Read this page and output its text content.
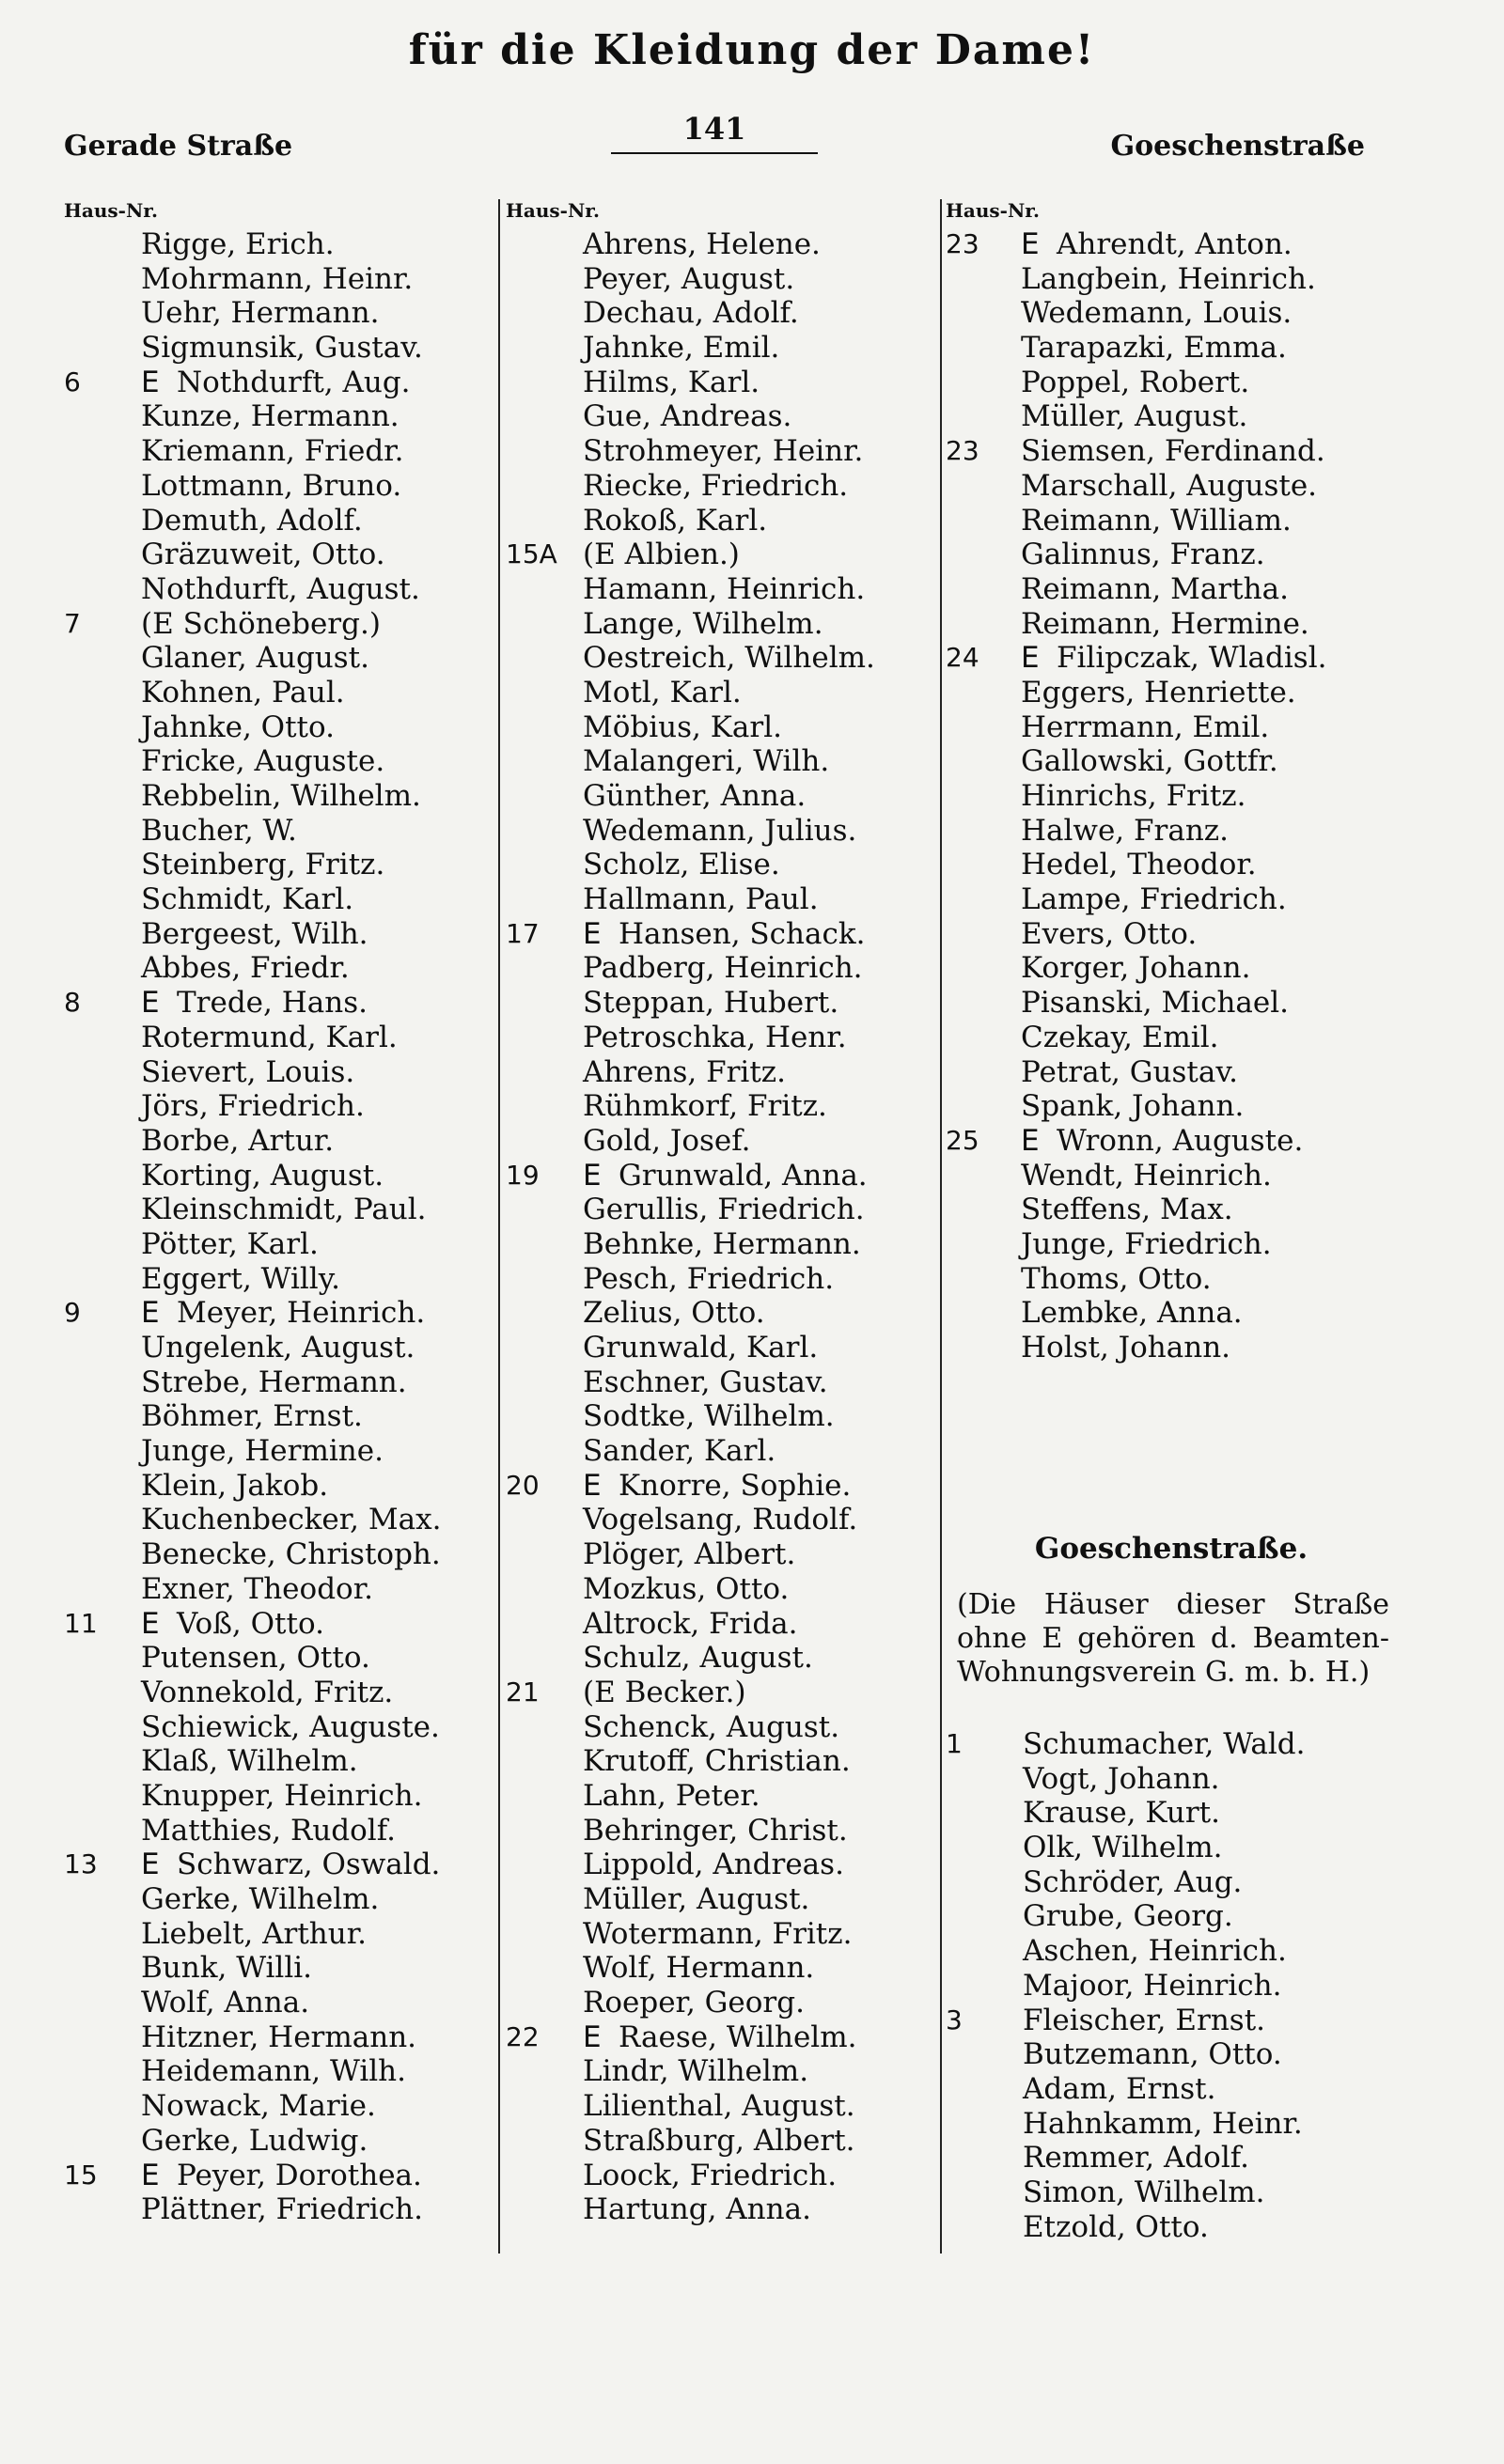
für die Kleidung der Dame!
Gerade Straße	141	Goeschenstraße
Haus-Nr.
Rigge, Erich.
Mohrmann, Heinr.
Uehr, Hermann.
Sigmunsik, Gustav.
6	E Nothdurft, Aug.
Kunze, Hermann.
Kriemann, Friedr.
Lottmann, Bruno.
Demuth, Adolf.
Gräzuweit, Otto.
Nothdurft, August.
7	(E Schöneberg.)
Glaner, August.
Kohnen, Paul.
Jahnke, Otto.
Fricke, Auguste.
Rebbelin, Wilhelm.
Bucher, W.
Steinberg, Fritz.
Schmidt, Karl.
Bergeest, Wilh.
Abbes, Friedr.
8	E Trede, Hans.
Rotermund, Karl.
Sievert, Louis.
Jörs, Friedrich.
Borbe, Artur.
Korting, August.
Kleinschmidt, Paul.
Pötter, Karl.
Eggert, Willy.
9	E Meyer, Heinrich.
Ungelenk, August.
Strebe, Hermann.
Böhmer, Ernst.
Junge, Hermine.
Klein, Jakob.
Kuchenbecker, Max.
Benecke, Christoph.
Exner, Theodor.
11	E Voß, Otto.
Putensen, Otto.
Vonnekold, Fritz.
Schiewick, Auguste.
Klaß, Wilhelm.
Knupper, Heinrich.
Matthies, Rudolf.
13	E Schwarz, Oswald.
Gerke, Wilhelm.
Liebelt, Arthur.
Bunk, Willi.
Wolf, Anna.
Hitzner, Hermann.
Heidemann, Wilh.
Nowack, Marie.
Gerke, Ludwig.
15	E Peyer, Dorothea.
Plättner, Friedrich.
Haus-Nr.
Ahrens, Helene.
Peyer, August.
Dechau, Adolf.
Jahnke, Emil.
Hilms, Karl.
Gue, Andreas.
Strohmeyer, Heinr.
Riecke, Friedrich.
Rokoß, Karl.
15A (E Albien.)
Hamann, Heinrich.
Lange, Wilhelm.
Oestreich, Wilhelm.
Motl, Karl.
Möbius, Karl.
Malangeri, Wilh.
Günther, Anna.
Wedemann, Julius.
Scholz, Elise.
Hallmann, Paul.
17	E Hansen, Schack.
Padberg, Heinrich.
Steppan, Hubert.
Petroschka, Henr.
Ahrens, Fritz.
Rühmkorf, Fritz.
Gold, Josef.
19	E Grunwald, Anna.
Gerullis, Friedrich.
Behnke, Hermann.
Pesch, Friedrich.
Zelius, Otto.
Grunwald, Karl.
Eschner, Gustav.
Sodtke, Wilhelm.
Sander, Karl.
20	E Knorre, Sophie.
Vogelsang, Rudolf.
Plöger, Albert.
Mozkus, Otto.
Altrock, Frida.
Schulz, August.
21	(E Becker.)
Schenck, August.
Krutoff, Christian.
Lahn, Peter.
Behringer, Christ.
Lippold, Andreas.
Müller, August.
Wotermann, Fritz.
Wolf, Hermann.
Roeper, Georg.
22	E Raese, Wilhelm.
Lindr, Wilhelm.
Lilienthal, August.
Straßburg, Albert.
Loock, Friedrich.
Hartung, Anna.
Haus-Nr.
23	E Ahrendt, Anton.
Langbein, Heinrich.
Wedemann, Louis.
Tarapazki, Emma.
Poppel, Robert.
Müller, August.
23	Siemsen, Ferdinand.
Marschall, Auguste.
Reimann, William.
Galinnus, Franz.
Reimann, Martha.
Reimann, Hermine.
24	E Filipczak, Wladisl.
Eggers, Henriette.
Herrmann, Emil.
Gallowski, Gottfr.
Hinrichs, Fritz.
Halwe, Franz.
Hedel, Theodor.
Lampe, Friedrich.
Evers, Otto.
Korger, Johann.
Pisanski, Michael.
Czekay, Emil.
Petrat, Gustav.
Spank, Johann.
25	E Wronn, Auguste.
Wendt, Heinrich.
Steffens, Max.
Junge, Friedrich.
Thoms, Otto.
Lembke, Anna.
Holst, Johann.
Goeschenstraße.
(Die Häuser dieser Straße ohne E gehören d. Beamten-Wohnungsverein G. m. b. H.)
1	Schumacher, Wald.
Vogt, Johann.
Krause, Kurt.
Olk, Wilhelm.
Schröder, Aug.
Grube, Georg.
Aschen, Heinrich.
Majoor, Heinrich.
3	Fleischer, Ernst.
Butzemann, Otto.
Adam, Ernst.
Hahnkamm, Heinr.
Remmer, Adolf.
Simon, Wilhelm.
Etzold, Otto.
